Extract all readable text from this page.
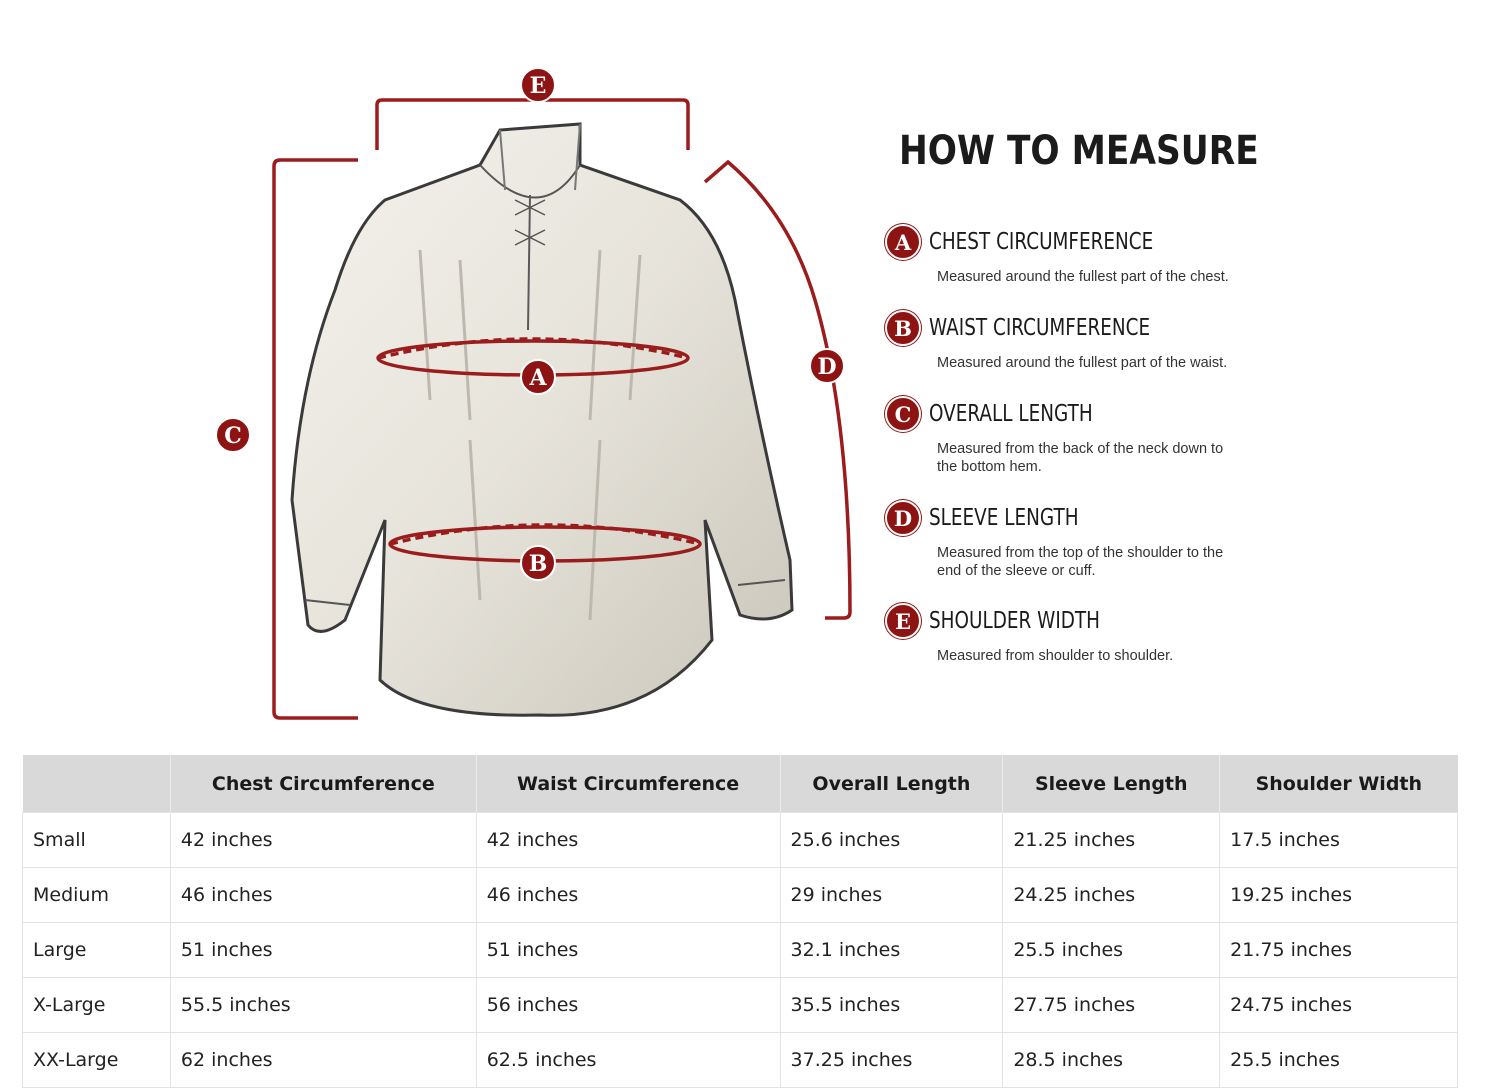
E
A
B
C
D
HOW TO MEASURE
A CHEST CIRCUMFERENCE
Measured around the fullest part of the chest.
B WAIST CIRCUMFERENCE
Measured around the fullest part of the waist.
C OVERALL LENGTH
Measured from the back of the neck down to the bottom hem.
D SLEEVE LENGTH
Measured from the top of the shoulder to the end of the sleeve or cuff.
E SHOULDER WIDTH
Measured from shoulder to shoulder.
	Chest Circumference	Waist Circumference	Overall Length	Sleeve Length	Shoulder Width
Small	42 inches	42 inches	25.6 inches	21.25 inches	17.5 inches
Medium	46 inches	46 inches	29 inches	24.25 inches	19.25 inches
Large	51 inches	51 inches	32.1 inches	25.5 inches	21.75 inches
X-Large	55.5 inches	56 inches	35.5 inches	27.75 inches	24.75 inches
XX-Large	62 inches	62.5 inches	37.25 inches	28.5 inches	25.5 inches
